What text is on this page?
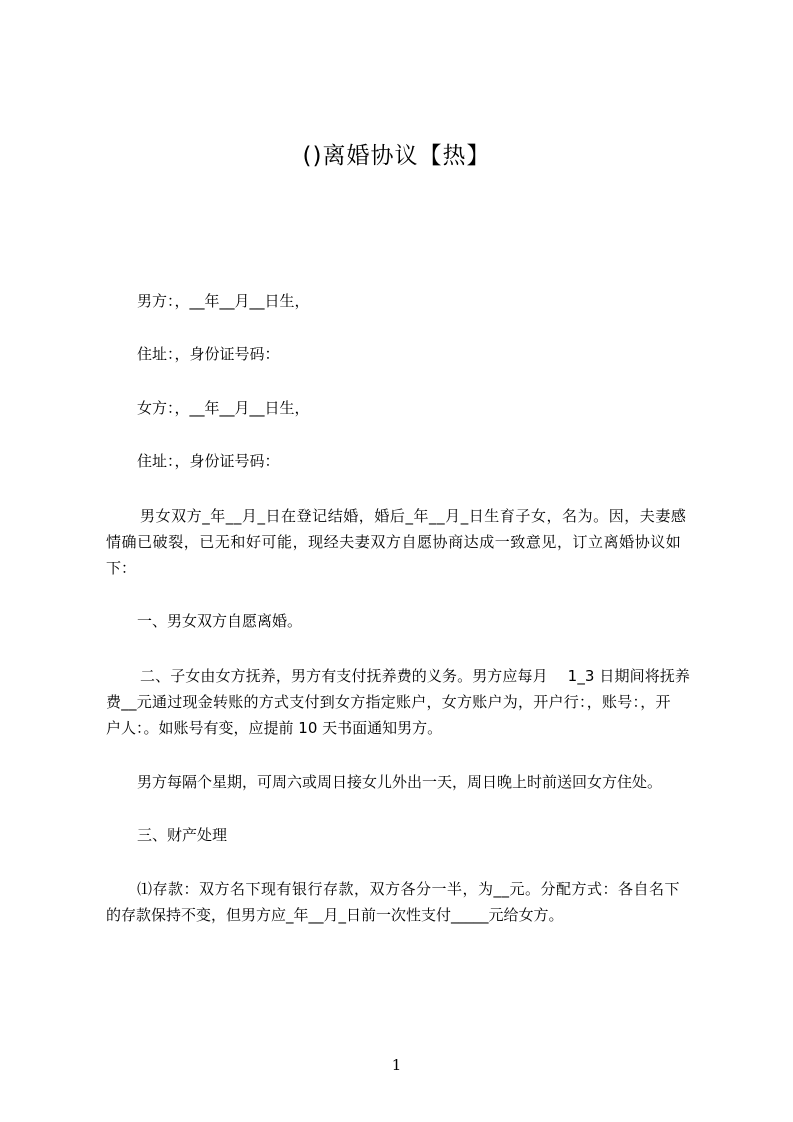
()离婚协议【热】
男方：，__年__月__日生，
住址：，身份证号码：
女方：，__年__月__日生，
住址：，身份证号码：
男女双方_年__月_日在登记结婚，婚后_年__月_日生育子女，名为。因，夫妻感
情确已破裂，已无和好可能，现经夫妻双方自愿协商达成一致意见，订立离婚协议如
下：
一、男女双方自愿离婚。
二、子女由女方抚养，男方有支付抚养费的义务。男方应每月　 1_3 日期间将抚养
费__元通过现金转账的方式支付到女方指定账户，女方账户为，开户行：，账号：，开
户人：。如账号有变，应提前 10 天书面通知男方。
男方每隔个星期，可周六或周日接女儿外出一天，周日晚上时前送回女方住处。
三、财产处理
⑴存款：双方名下现有银行存款，双方各分一半，为__元。分配方式：各自名下
的存款保持不变，但男方应_年__月_日前一次性支付_____元给女方。
1
